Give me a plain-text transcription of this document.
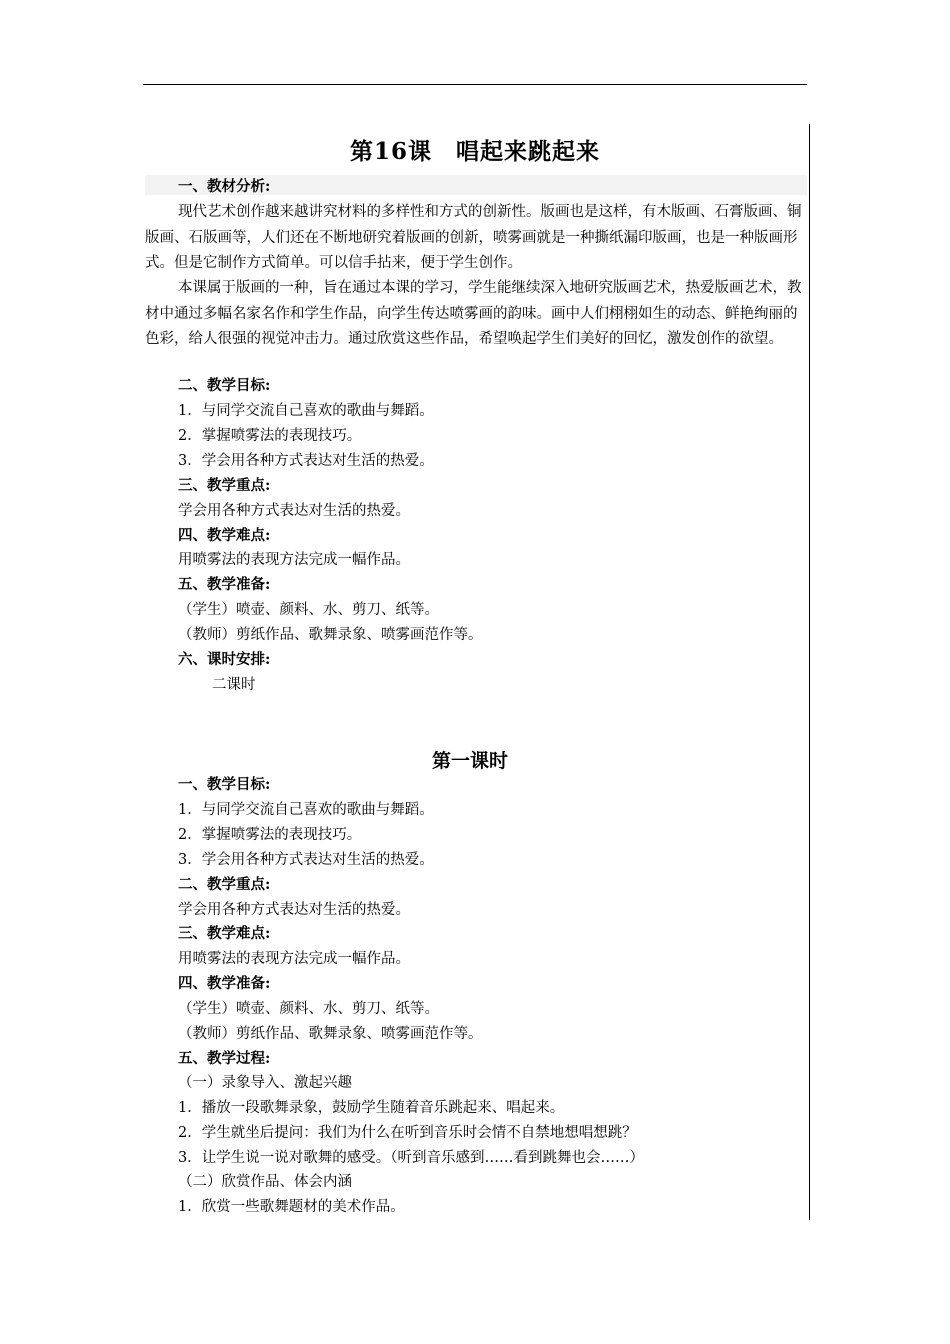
第16课　唱起来跳起来
一、教材分析:
现代艺术创作越来越讲究材料的多样性和方式的创新性。版画也是这样，有木版画、石膏版画、铜版画、石版画等，人们还在不断地研究着版画的创新，喷雾画就是一种撕纸漏印版画，也是一种版画形式。但是它制作方式简单。可以信手拈来，便于学生创作。
本课属于版画的一种，旨在通过本课的学习，学生能继续深入地研究版画艺术，热爱版画艺术，教材中通过多幅名家名作和学生作品，向学生传达喷雾画的韵味。画中人们栩栩如生的动态、鲜艳绚丽的色彩，给人很强的视觉冲击力。通过欣赏这些作品，希望唤起学生们美好的回忆，激发创作的欲望。
二、教学目标:
1．与同学交流自己喜欢的歌曲与舞蹈。
2．掌握喷雾法的表现技巧。
3．学会用各种方式表达对生活的热爱。
三、教学重点:
学会用各种方式表达对生活的热爱。
四、教学难点:
用喷雾法的表现方法完成一幅作品。
五、教学准备:
（学生）喷壶、颜料、水、剪刀、纸等。
（教师）剪纸作品、歌舞录象、喷雾画范作等。
六、课时安排:
二课时
第一课时
一、教学目标:
1．与同学交流自己喜欢的歌曲与舞蹈。
2．掌握喷雾法的表现技巧。
3．学会用各种方式表达对生活的热爱。
二、教学重点:
学会用各种方式表达对生活的热爱。
三、教学难点:
用喷雾法的表现方法完成一幅作品。
四、教学准备:
（学生）喷壶、颜料、水、剪刀、纸等。
（教师）剪纸作品、歌舞录象、喷雾画范作等。
五、教学过程:
（一）录象导入、激起兴趣
1．播放一段歌舞录象，鼓励学生随着音乐跳起来、唱起来。
2．学生就坐后提问：我们为什么在听到音乐时会情不自禁地想唱想跳？
3．让学生说一说对歌舞的感受。（听到音乐感到……看到跳舞也会……）
（二）欣赏作品、体会内涵
1．欣赏一些歌舞题材的美术作品。
